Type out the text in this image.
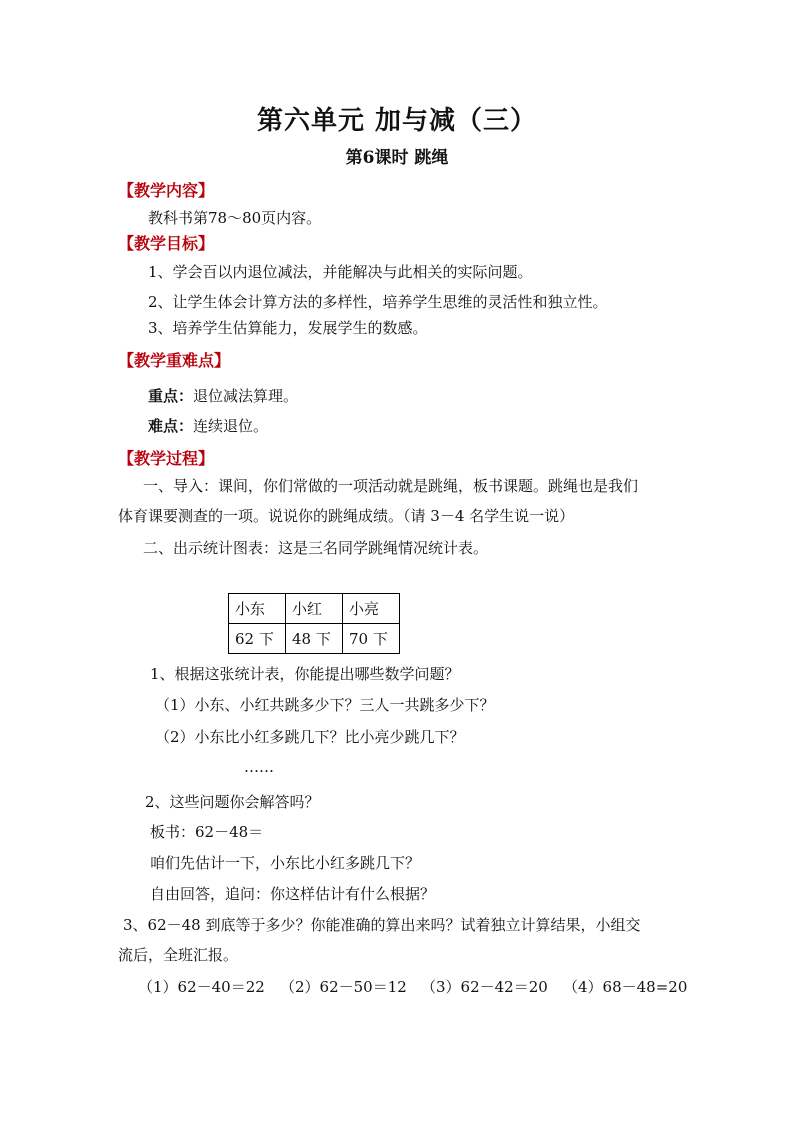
第六单元 加与减（三）
第6课时 跳绳
【教学内容】
教科书第78～80页内容。
【教学目标】
1、学会百以内退位减法，并能解决与此相关的实际问题。
2、让学生体会计算方法的多样性，培养学生思维的灵活性和独立性。
3、培养学生估算能力，发展学生的数感。
【教学重难点】
重点：退位减法算理。
难点：连续退位。
【教学过程】
一、导入：课间，你们常做的一项活动就是跳绳，板书课题。跳绳也是我们
体育课要测查的一项。说说你的跳绳成绩。（请 3－4 名学生说一说）
二、出示统计图表：这是三名同学跳绳情况统计表。
小东	小红	小亮
62 下	48 下	70 下
1、根据这张统计表，你能提出哪些数学问题？
（1）小东、小红共跳多少下？三人一共跳多少下？
（2）小东比小红多跳几下？比小亮少跳几下？
……
2、这些问题你会解答吗？
板书：62－48＝
咱们先估计一下，小东比小红多跳几下？
自由回答，追问：你这样估计有什么根据？
3、62－48 到底等于多少？你能准确的算出来吗？试着独立计算结果，小组交
流后，全班汇报。
（1）62－40＝22 （2）62－50＝12 （3）62－42＝20 （4）68－48=20
